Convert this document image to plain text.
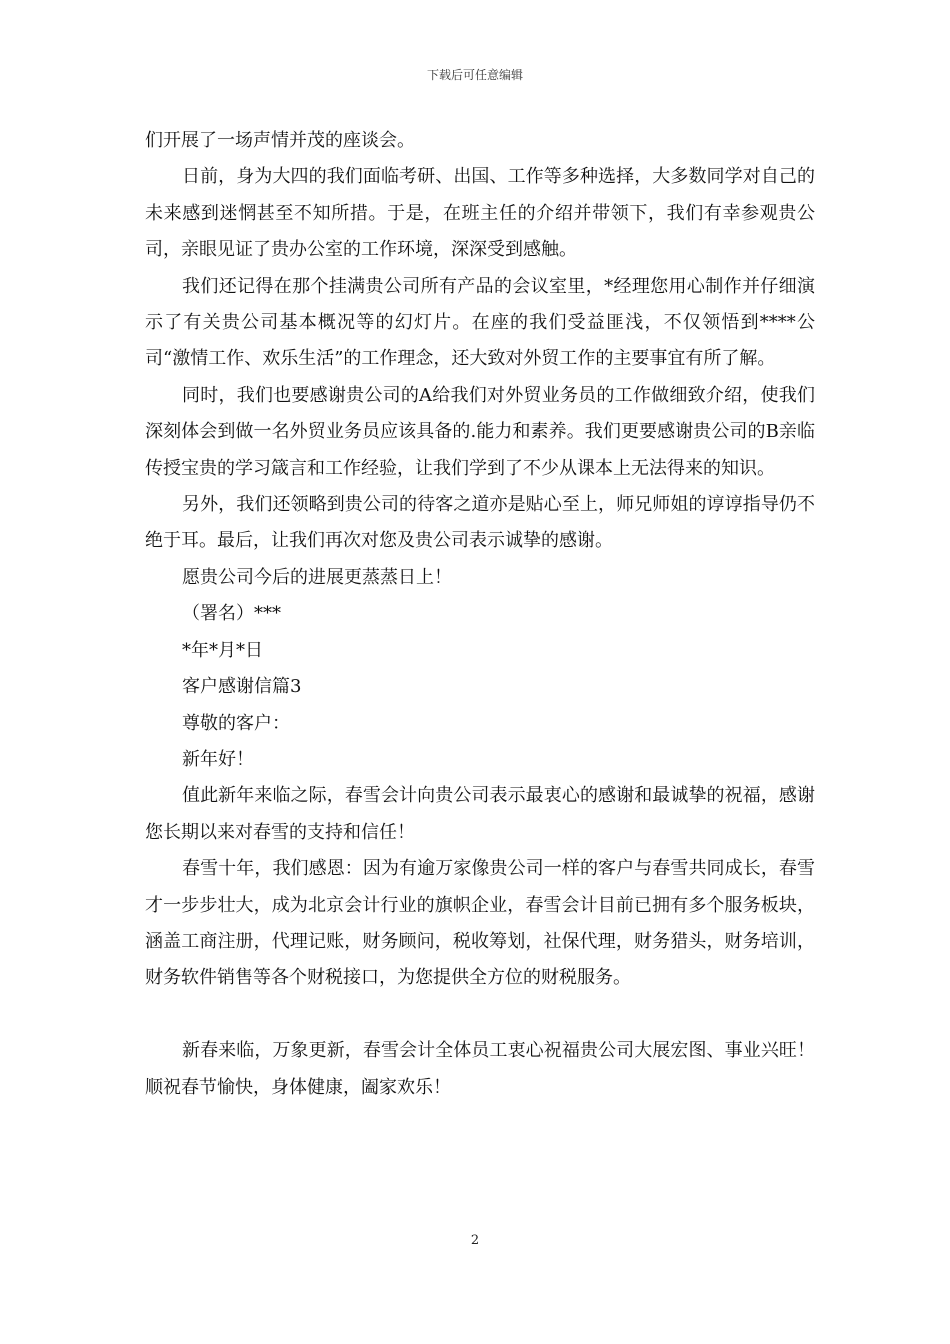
下载后可任意编辑

们开展了一场声情并茂的座谈会。

日前，身为大四的我们面临考研、出国、工作等多种选择，大多数同学对自己的未来感到迷惘甚至不知所措。于是，在班主任的介绍并带领下，我们有幸参观贵公司，亲眼见证了贵办公室的工作环境，深深受到感触。

我们还记得在那个挂满贵公司所有产品的会议室里，*经理您用心制作并仔细演示了有关贵公司基本概况等的幻灯片。在座的我们受益匪浅，不仅领悟到****公司“激情工作、欢乐生活”的工作理念，还大致对外贸工作的主要事宜有所了解。

同时，我们也要感谢贵公司的A给我们对外贸业务员的工作做细致介绍，使我们深刻体会到做一名外贸业务员应该具备的.能力和素养。我们更要感谢贵公司的B亲临传授宝贵的学习箴言和工作经验，让我们学到了不少从课本上无法得来的知识。

另外，我们还领略到贵公司的待客之道亦是贴心至上，师兄师姐的谆谆指导仍不绝于耳。最后，让我们再次对您及贵公司表示诚挚的感谢。

愿贵公司今后的进展更蒸蒸日上！

（署名）***

*年*月*日

客户感谢信篇3

尊敬的客户：

新年好！

值此新年来临之际，春雪会计向贵公司表示最衷心的感谢和最诚挚的祝福，感谢您长期以来对春雪的支持和信任！

春雪十年，我们感恩：因为有逾万家像贵公司一样的客户与春雪共同成长，春雪才一步步壮大，成为北京会计行业的旗帜企业，春雪会计目前已拥有多个服务板块，涵盖工商注册，代理记账，财务顾问，税收筹划，社保代理，财务猎头，财务培训，财务软件销售等各个财税接口，为您提供全方位的财税服务。

新春来临，万象更新，春雪会计全体员工衷心祝福贵公司大展宏图、事业兴旺！顺祝春节愉快，身体健康，阖家欢乐！

2
